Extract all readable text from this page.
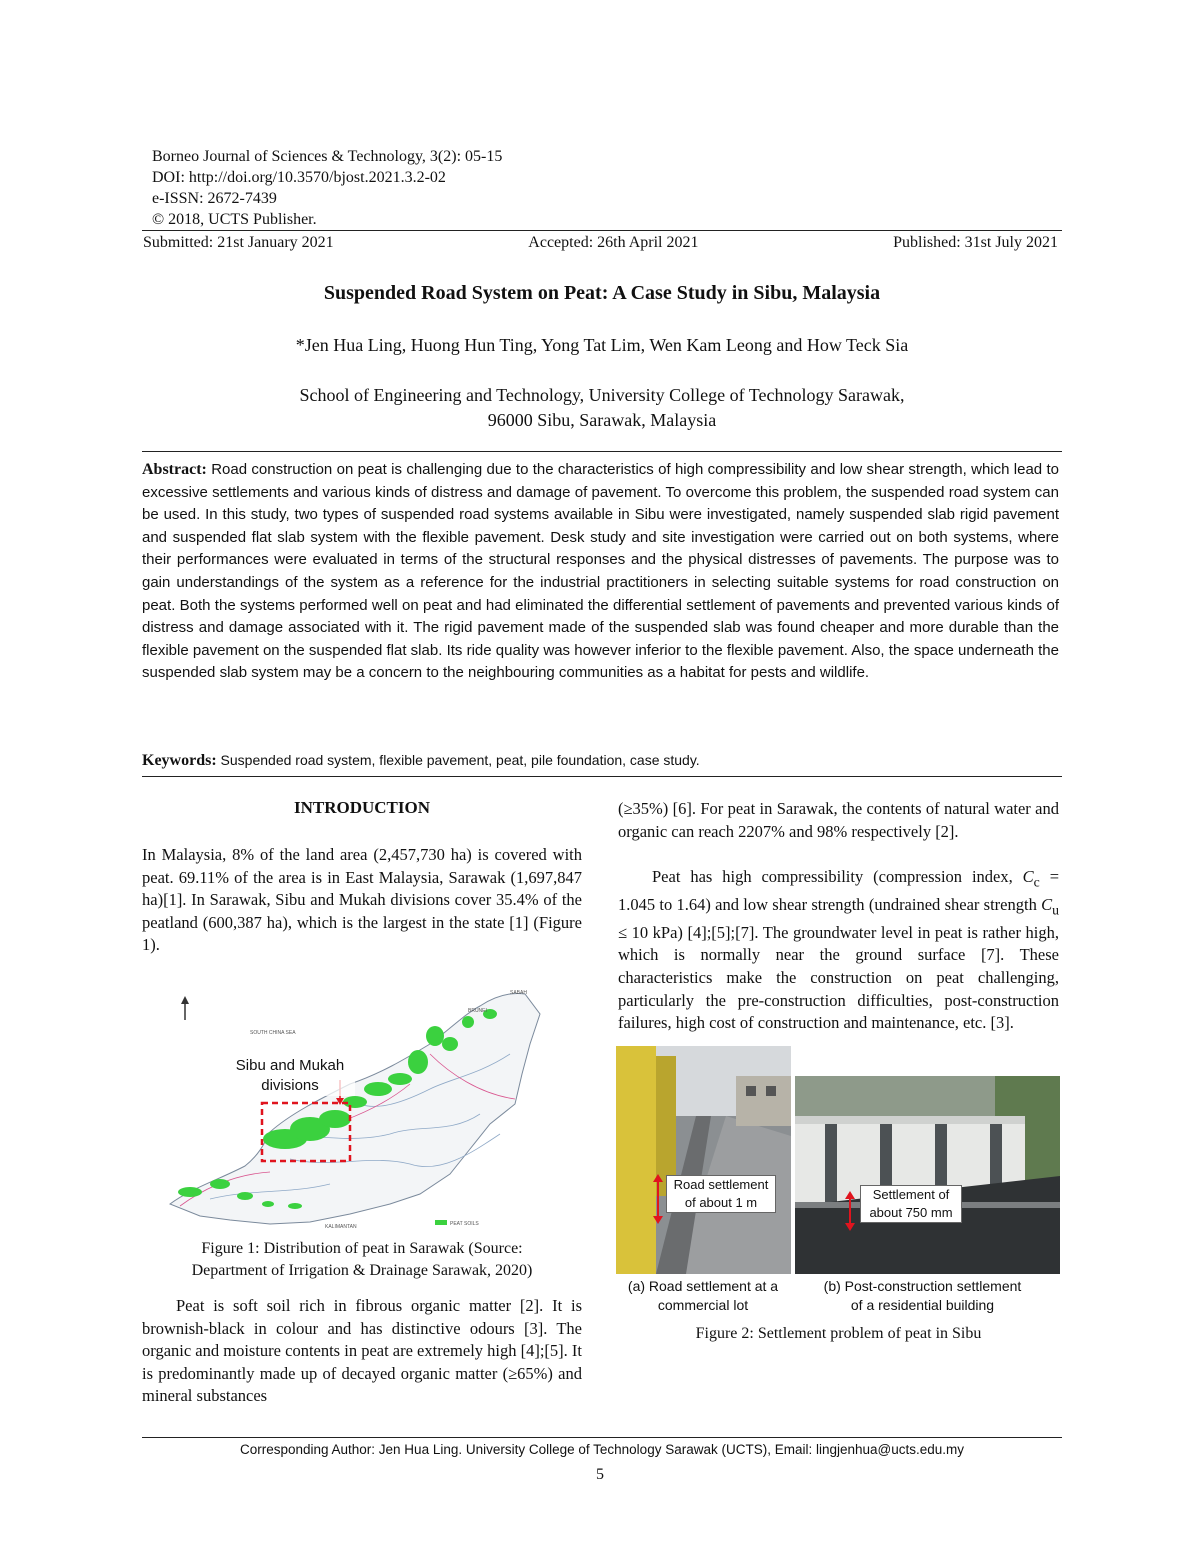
Borneo Journal of Sciences & Technology, 3(2): 05-15
DOI: http://doi.org/10.3570/bjost.2021.3.2-02
e-ISSN: 2672-7439
© 2018, UCTS Publisher.
Submitted: 21st January 2021	Accepted: 26th April 2021	Published: 31st July 2021
Suspended Road System on Peat: A Case Study in Sibu, Malaysia
*Jen Hua Ling, Huong Hun Ting, Yong Tat Lim, Wen Kam Leong and How Teck Sia
School of Engineering and Technology, University College of Technology Sarawak,
96000 Sibu, Sarawak, Malaysia
Abstract: Road construction on peat is challenging due to the characteristics of high compressibility and low shear strength, which lead to excessive settlements and various kinds of distress and damage of pavement. To overcome this problem, the suspended road system can be used. In this study, two types of suspended road systems available in Sibu were investigated, namely suspended slab rigid pavement and suspended flat slab system with the flexible pavement. Desk study and site investigation were carried out on both systems, where their performances were evaluated in terms of the structural responses and the physical distresses of pavements. The purpose was to gain understandings of the system as a reference for the industrial practitioners in selecting suitable systems for road construction on peat. Both the systems performed well on peat and had eliminated the differential settlement of pavements and prevented various kinds of distress and damage associated with it. The rigid pavement made of the suspended slab was found cheaper and more durable than the flexible pavement on the suspended flat slab. Its ride quality was however inferior to the flexible pavement. Also, the space underneath the suspended slab system may be a concern to the neighbouring communities as a habitat for pests and wildlife.
Keywords: Suspended road system, flexible pavement, peat, pile foundation, case study.
INTRODUCTION
In Malaysia, 8% of the land area (2,457,730 ha) is covered with peat. 69.11% of the area is in East Malaysia, Sarawak (1,697,847 ha)[1]. In Sarawak, Sibu and Mukah divisions cover 35.4% of the peatland (600,387 ha), which is the largest in the state [1] (Figure 1).
SOUTH CHINA SEA
SABAH
BRUNEI
KALIMANTAN	PEAT SOILS
Sibu and Mukah
divisions
Figure 1: Distribution of peat in Sarawak (Source:
Department of Irrigation & Drainage Sarawak, 2020)
Peat is soft soil rich in fibrous organic matter [2]. It is brownish-black in colour and has distinctive odours [3]. The organic and moisture contents in peat are extremely high [4];[5]. It is predominantly made up of decayed organic matter (≥65%) and mineral substances
(≥35%) [6]. For peat in Sarawak, the contents of natural water and organic can reach 2207% and 98% respectively [2].
Peat has high compressibility (compression index, $C_c = 1.045$ to 1.64) and low shear strength (undrained shear strength $C_u \le 10$ kPa) [4];[5];[7]. The groundwater level in peat is rather high, which is normally near the ground surface [7]. These characteristics make the construction on peat challenging, particularly the pre-construction difficulties, post-construction failures, high cost of construction and maintenance, etc. [3].
Road settlement
of about 1 m
Settlement of
about 750 mm
(a) Road settlement at a
commercial lot
(b) Post-construction settlement
of a residential building
Figure 2: Settlement problem of peat in Sibu
Corresponding Author: Jen Hua Ling. University College of Technology Sarawak (UCTS), Email: lingjenhua@ucts.edu.my
5
